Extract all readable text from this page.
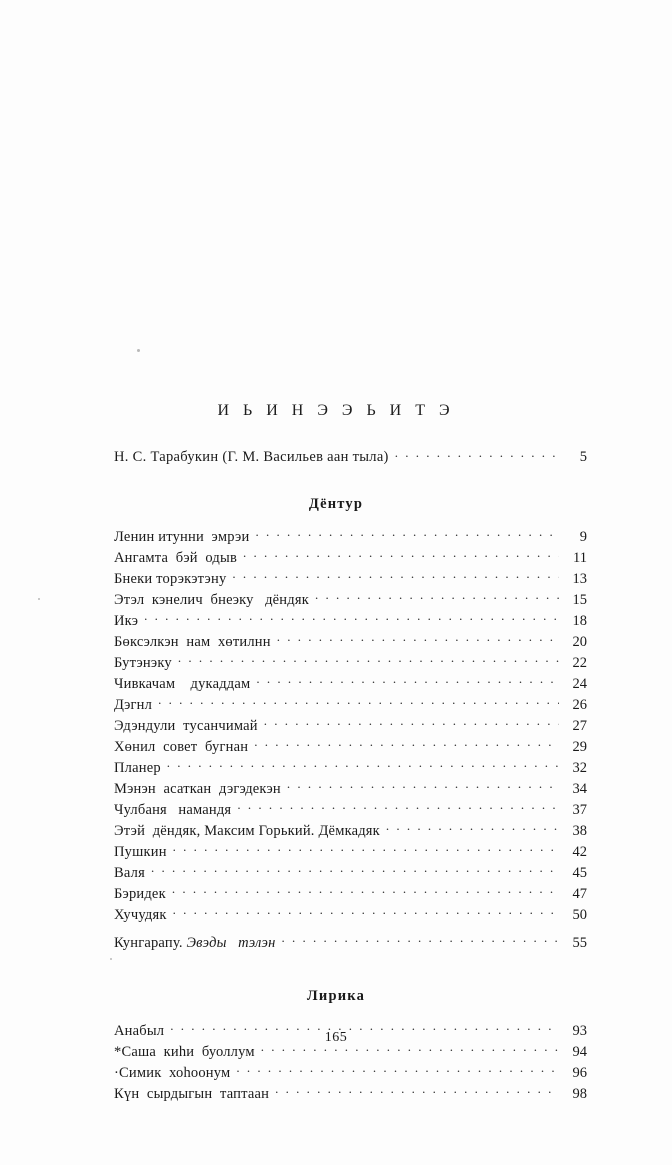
И Ь И Н Э Э Ь И Т Э
Н. С. Тарабукин (Г. М. Васильев аан тыла) . .	5
Дёнтур
Ленин итунни  эмрэи . .	9
Ангамта  бэй  одыв . .	11
Бнеки торэкэтэну . .	13
Этэл  кэнелич  бнеэку   дёндяк . .	15
Икэ . .	18
Бөксэлкэн  нам  хөтилнн . .	20
Бутэнэку . .	22
Чивкачам    дукаддам . .	24
Дэгнл . .	26
Эдэндули  тусанчимай . .	27
Хөнил  совет  бугнан . .	29
Планер . .	32
Мэнэн  асаткан  дэгэдекэн . .	34
Чулбаня   намандя . .	37
Этэй  дёндяк, Максим Горький. Дёмкадяк . .	38
Пушкин . .	42
Валя . .	45
Бэридек . .	47
Хучудяк . .	50
Кунгарапу. Эвэды   тэлэн . .	55
Лирика
Анабыл . .	93
*Саша  киһи  буоллум . .	94
·Симик  хоһоонум . .	96
Күн  сырдыгын  таптаан . .	98
165
